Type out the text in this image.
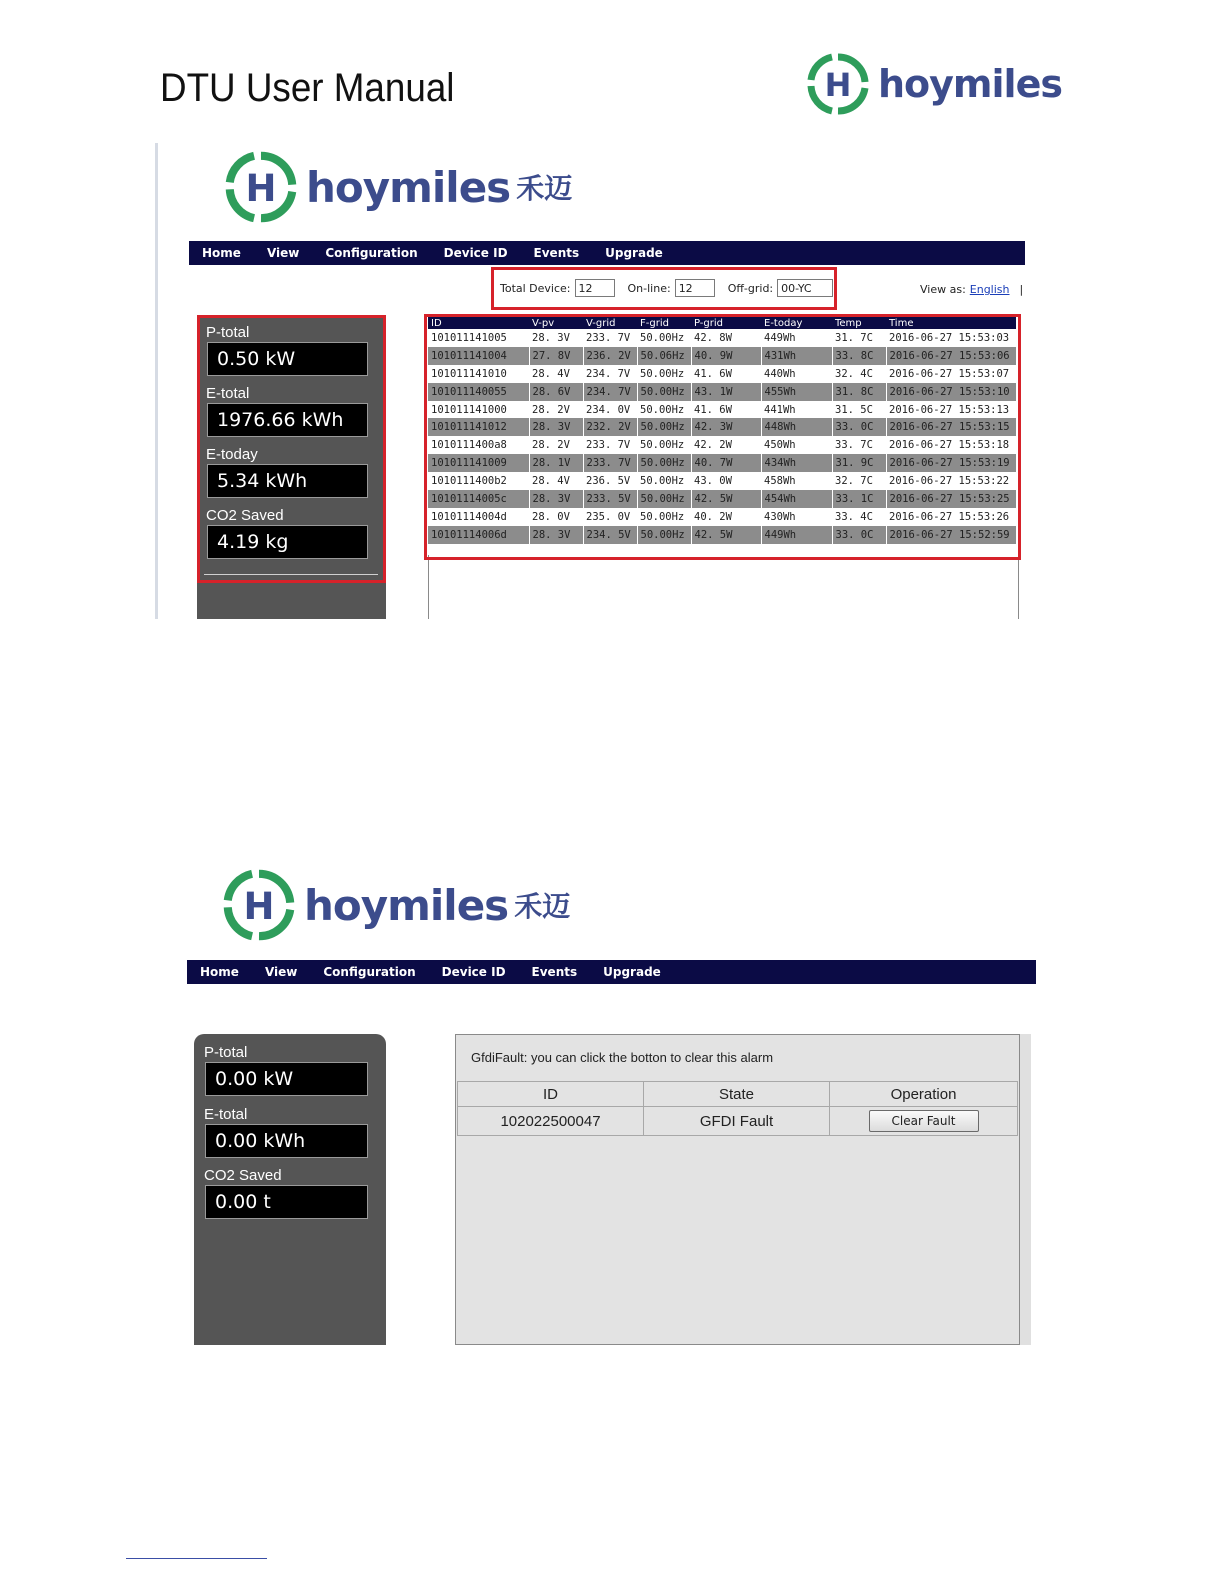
DTU User Manual	H hoymiles
H hoymiles 禾迈
Home View Configuration Device ID Events Upgrade
Total Device: 12	On-line: 12	Off-grid: 00-YC	View as: English |
P-total
0.50 kW
E-total
1976.66 kWh
E-today
5.34 kWh
CO2 Saved
4.19 kg
ID	V-pv	V-grid	F-grid	P-grid	E-today	Temp	Time
101011141005	28. 3V	233. 7V	50.00Hz	42. 8W	449Wh	31. 7C	2016-06-27 15:53:03
101011141004	27. 8V	236. 2V	50.06Hz	40. 9W	431Wh	33. 8C	2016-06-27 15:53:06
101011141010	28. 4V	234. 7V	50.00Hz	41. 6W	440Wh	32. 4C	2016-06-27 15:53:07
101011140055	28. 6V	234. 7V	50.00Hz	43. 1W	455Wh	31. 8C	2016-06-27 15:53:10
101011141000	28. 2V	234. 0V	50.00Hz	41. 6W	441Wh	31. 5C	2016-06-27 15:53:13
101011141012	28. 3V	232. 2V	50.00Hz	42. 3W	448Wh	33. 0C	2016-06-27 15:53:15
1010111400a8	28. 2V	233. 7V	50.00Hz	42. 2W	450Wh	33. 7C	2016-06-27 15:53:18
101011141009	28. 1V	233. 7V	50.00Hz	40. 7W	434Wh	31. 9C	2016-06-27 15:53:19
1010111400b2	28. 4V	236. 5V	50.00Hz	43. 0W	458Wh	32. 7C	2016-06-27 15:53:22
10101114005c	28. 3V	233. 5V	50.00Hz	42. 5W	454Wh	33. 1C	2016-06-27 15:53:25
10101114004d	28. 0V	235. 0V	50.00Hz	40. 2W	430Wh	33. 4C	2016-06-27 15:53:26
10101114006d	28. 3V	234. 5V	50.00Hz	42. 5W	449Wh	33. 0C	2016-06-27 15:52:59
H hoymiles 禾迈
Home View Configuration Device ID Events Upgrade
P-total
0.00 kW
E-total
0.00 kWh
CO2 Saved
0.00 t
GfdiFault: you can click the botton to clear this alarm
ID	State	Operation
102022500047	GFDI Fault	Clear Fault
